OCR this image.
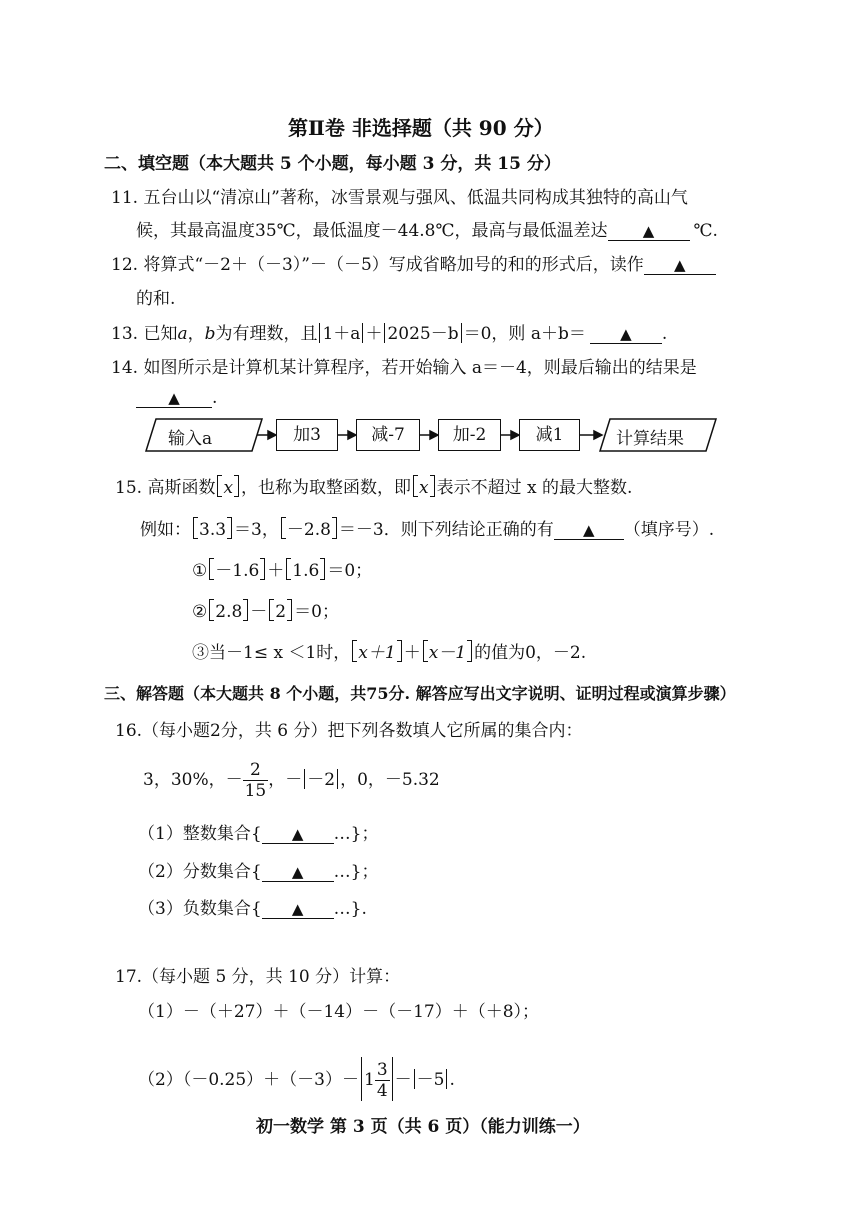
第Ⅱ卷 非选择题（共 90 分）
二、填空题（本大题共 5 个小题，每小题 3 分，共 15 分）
11. 五台山以“清凉山”著称，冰雪景观与强风、低温共同构成其独特的高山气
候，其最高温度35℃，最低温度－44.8℃，最高与最低温差达 ▲ ℃.
12. 将算式“－2＋（－3）”－（－5）写成省略加号的和的形式后，读作 ▲
的和.
13. 已知a，b为有理数，且 1＋a ＋ 2025－b ＝0，则 a＋b＝ ▲ .
14. 如图所示是计算机某计算程序，若开始输入 a＝－4，则最后输出的结果是
▲ .
输入a	加3	减-7	加-2	减1	计算结果
15. 高斯函数 x ，也称为取整函数，即 x 表示不超过 x 的最大整数.
例如： 3.3 ＝3， －2.8 ＝－3．则下列结论正确的有 ▲ （填序号）.
① －1.6 ＋ 1.6 ＝0；
② 2.8 － 2 ＝0；
③当－1≤ x ＜1时， x＋1 ＋ x－1 的值为0，－2.
三、解答题（本大题共 8 个小题，共75分. 解答应写出文字说明、证明过程或演算步骤）
16.（每小题2分，共 6 分）把下列各数填人它所属的集合内：
3，30%，－ $\frac{2}{15}$ ，－ －2 ，0，－5.32
（1）整数集合{ ▲ …}；
（2）分数集合{ ▲ …}；
（3）负数集合{ ▲ …}.
17.（每小题 5 分，共 10 分）计算：
（1）－（＋27）＋（－14）－（－17）＋（＋8）；
$(2)(-0.25)+(-3)- 1 \frac{3}{4} - -5$ .
初一数学 第 3 页（共 6 页）（能力训练一）
